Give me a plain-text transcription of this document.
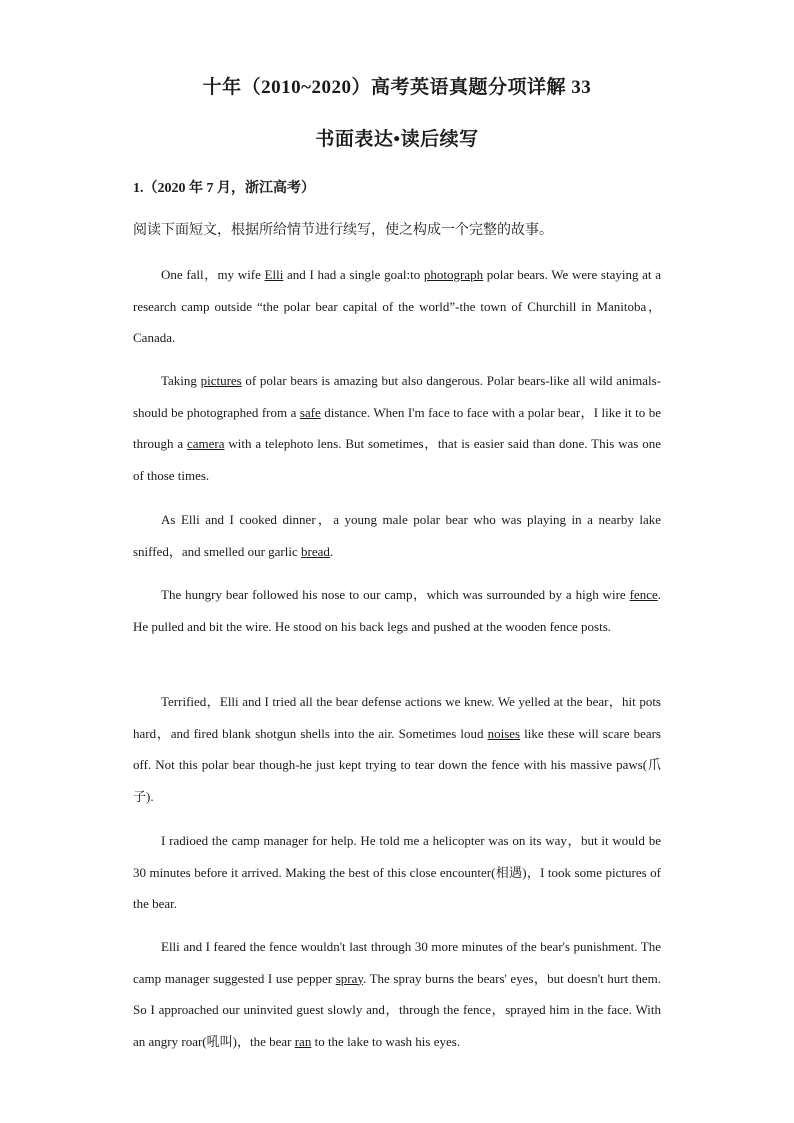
十年（2010~2020）高考英语真题分项详解 33
书面表达•读后续写
1.（2020 年 7 月，浙江高考）
阅读下面短文，根据所给情节进行续写，使之构成一个完整的故事。

One fall，my wife Elli and I had a single goal:to photograph polar bears. We were staying at a research camp outside “the polar bear capital of the world”-the town of Churchill in Manitoba，Canada.

Taking pictures of polar bears is amazing but also dangerous. Polar bears-like all wild animals-should be photographed from a safe distance. When I'm face to face with a polar bear，I like it to be through a camera with a telephoto lens. But sometimes，that is easier said than done. This was one of those times.

As Elli and I cooked dinner，a young male polar bear who was playing in a nearby lake sniffed，and smelled our garlic bread.

The hungry bear followed his nose to our camp，which was surrounded by a high wire fence. He pulled and bit the wire. He stood on his back legs and pushed at the wooden fence posts.

Terrified，Elli and I tried all the bear defense actions we knew. We yelled at the bear，hit pots hard，and fired blank shotgun shells into the air. Sometimes loud noises like these will scare bears off. Not this polar bear though-he just kept trying to tear down the fence with his massive paws(爪子).

I radioed the camp manager for help. He told me a helicopter was on its way，but it would be 30 minutes before it arrived. Making the best of this close encounter(相遇)，I took some pictures of the bear.

Elli and I feared the fence wouldn't last through 30 more minutes of the bear's punishment. The camp manager suggested I use pepper spray. The spray burns the bears' eyes，but doesn't hurt them. So I approached our uninvited guest slowly and，through the fence，sprayed him in the face. With an angry roar(吼叫)，the bear ran to the lake to wash his eyes.
